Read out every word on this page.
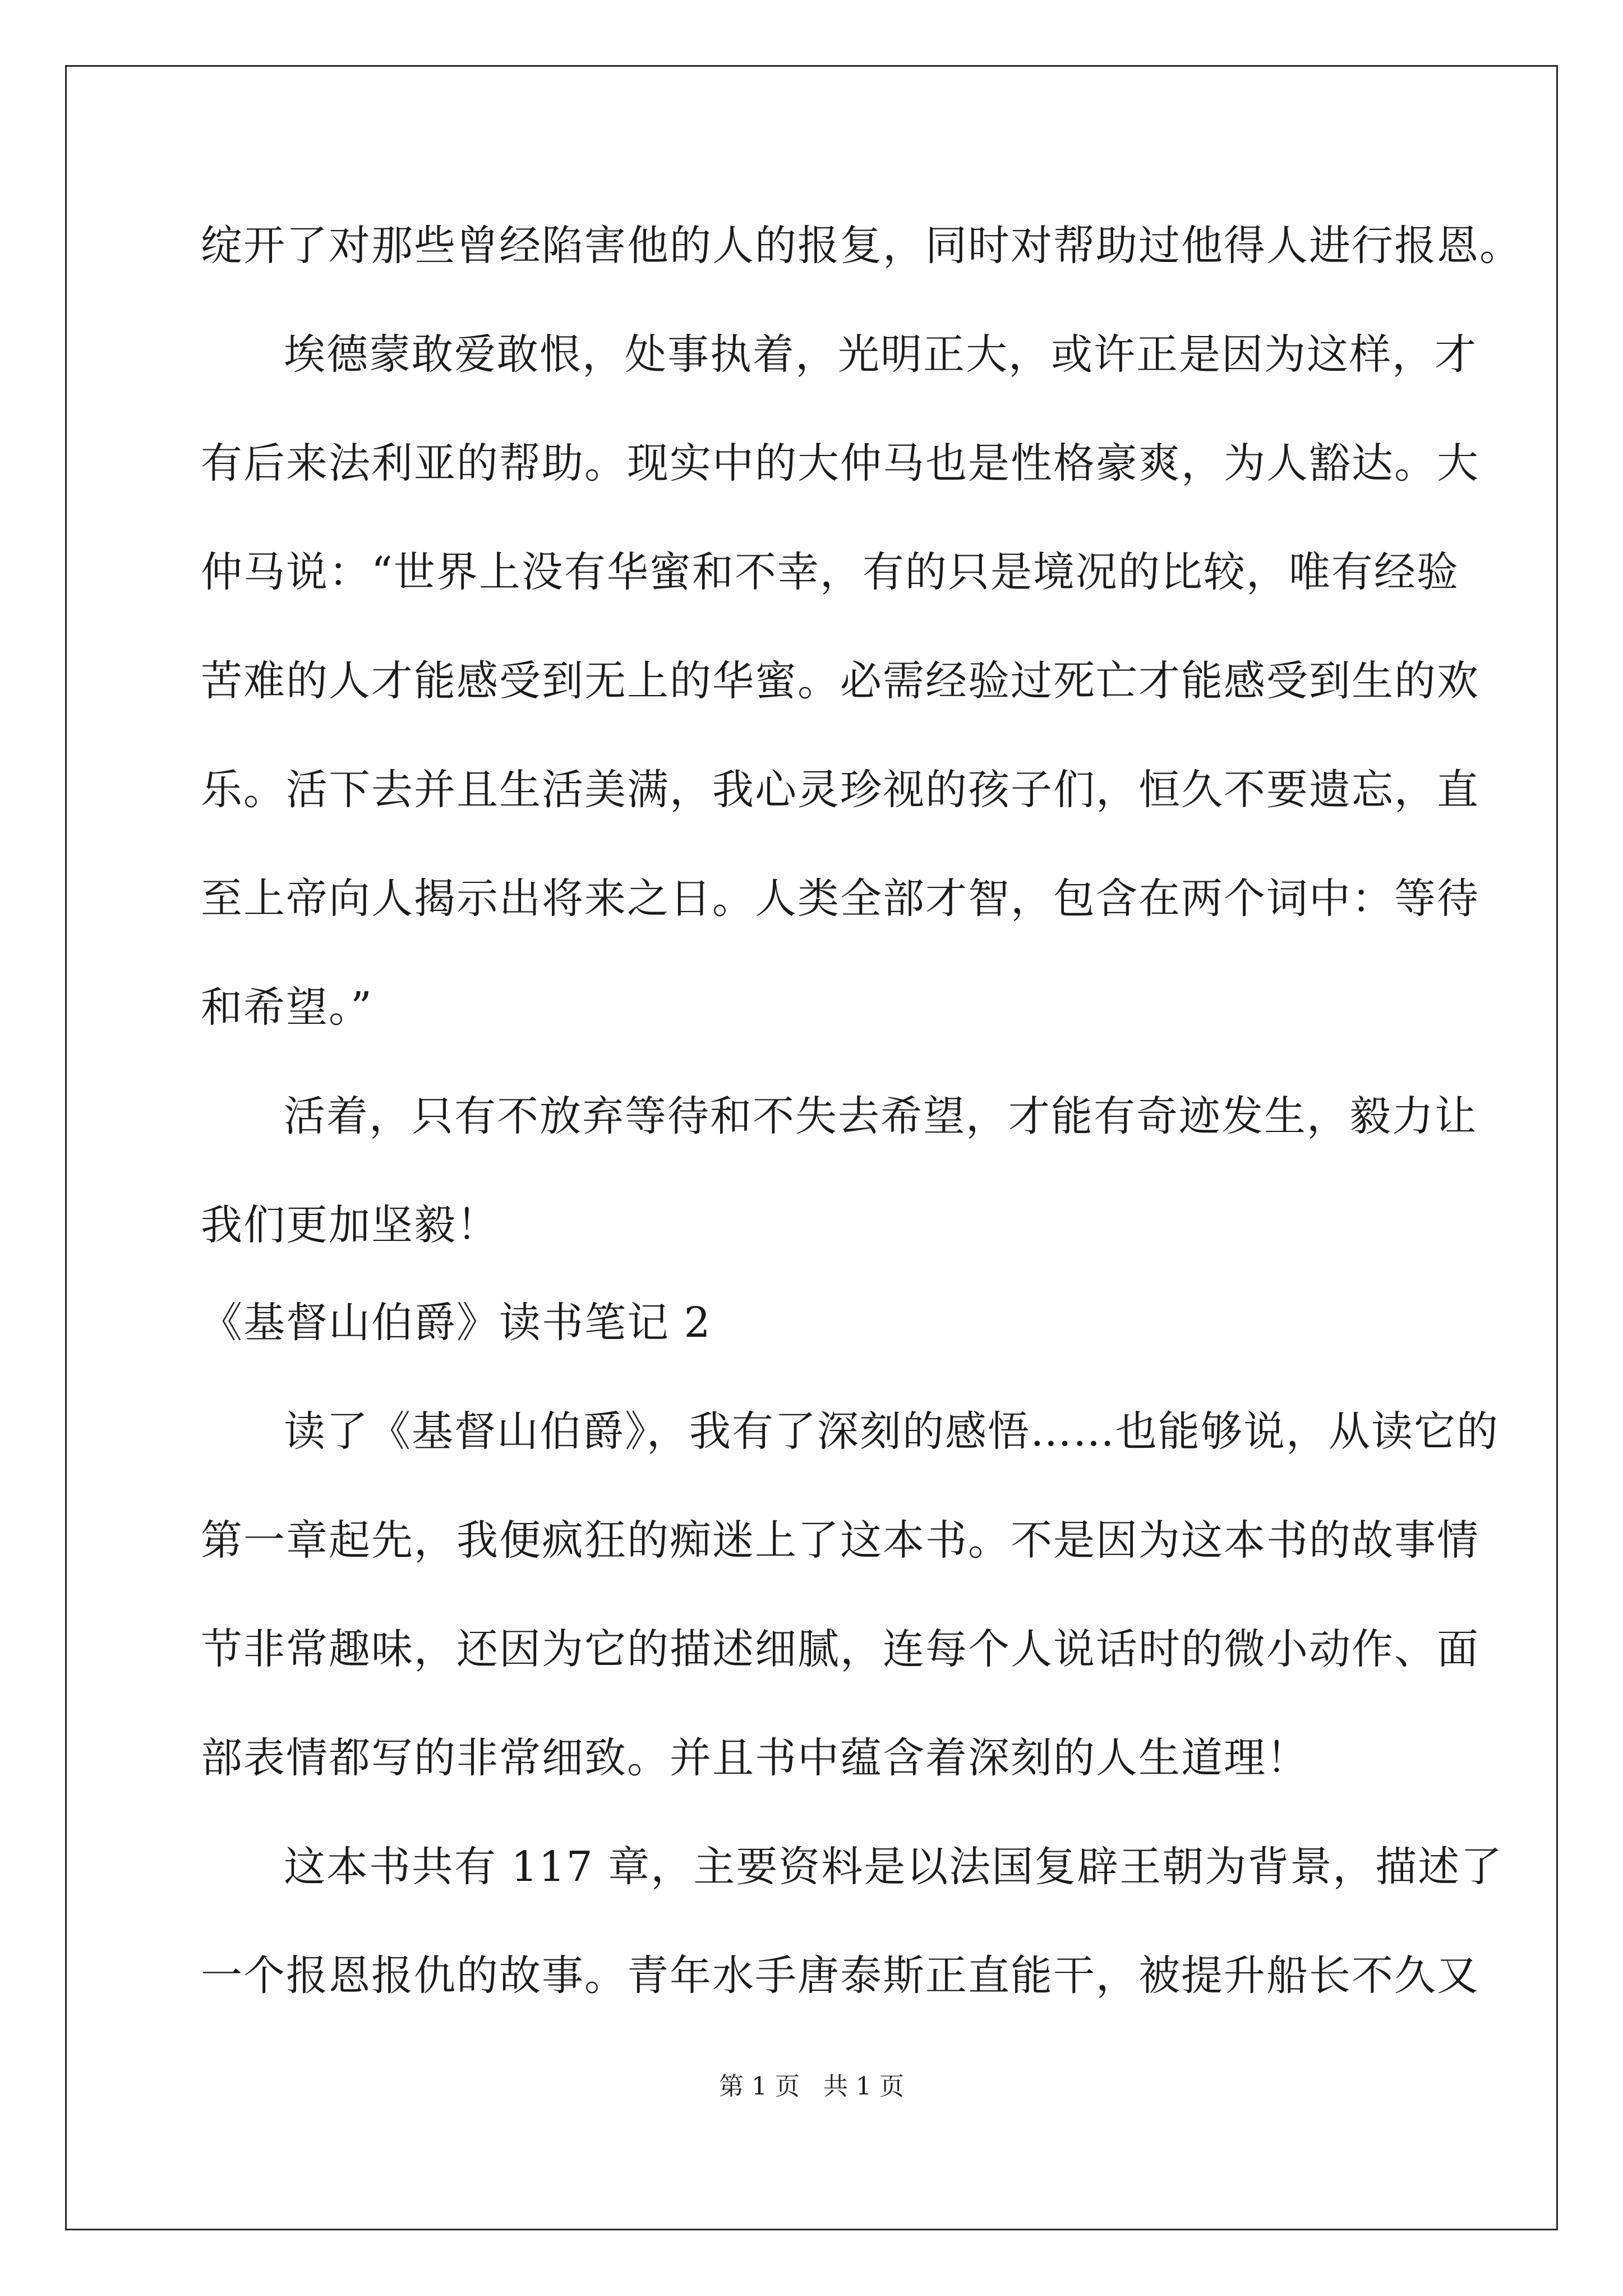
绽开了对那些曾经陷害他的人的报复，同时对帮助过他得人进行报恩。
埃德蒙敢爱敢恨，处事执着，光明正大，或许正是因为这样，才
有后来法利亚的帮助。现实中的大仲马也是性格豪爽，为人豁达。大
仲马说：“世界上没有华蜜和不幸，有的只是境况的比较，唯有经验
苦难的人才能感受到无上的华蜜。必需经验过死亡才能感受到生的欢
乐。活下去并且生活美满，我心灵珍视的孩子们，恒久不要遗忘，直
至上帝向人揭示出将来之日。人类全部才智，包含在两个词中：等待
和希望。”
活着，只有不放弃等待和不失去希望，才能有奇迹发生，毅力让
我们更加坚毅！
《基督山伯爵》读书笔记 2
读了《基督山伯爵》，我有了深刻的感悟……也能够说，从读它的
第一章起先，我便疯狂的痴迷上了这本书。不是因为这本书的故事情
节非常趣味，还因为它的描述细腻，连每个人说话时的微小动作、面
部表情都写的非常细致。并且书中蕴含着深刻的人生道理！
这本书共有 117 章，主要资料是以法国复辟王朝为背景，描述了
一个报恩报仇的故事。青年水手唐泰斯正直能干，被提升船长不久又
第 1 页   共 1 页
